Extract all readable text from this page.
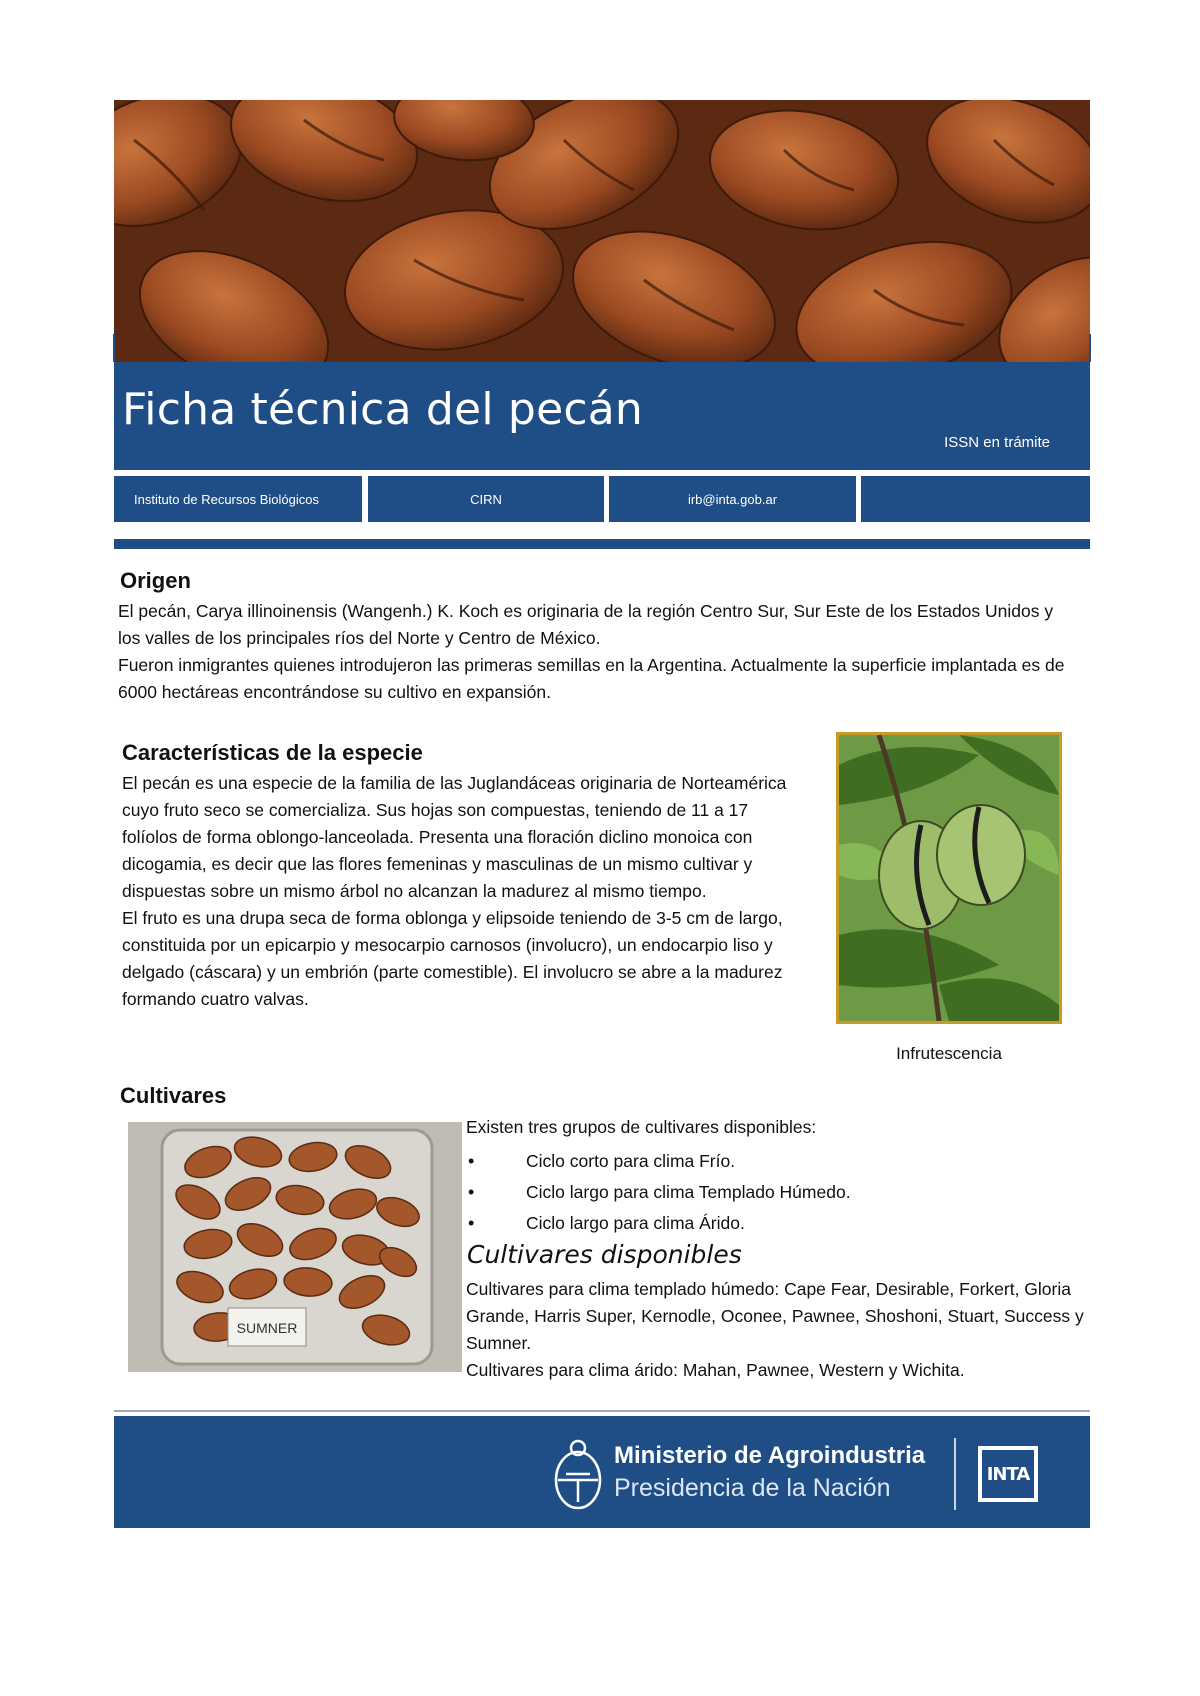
Ficha técnica del pecán
ISSN en trámite
Instituto de Recursos Biológicos	CIRN	irb@inta.gob.ar
Origen

El pecán, Carya illinoinensis (Wangenh.) K. Koch es originaria de la región Centro Sur, Sur Este de los Estados Unidos y los valles de los principales ríos del Norte y Centro de México.

Fueron inmigrantes quienes introdujeron las primeras semillas en la Argentina. Actualmente la superficie implantada es de 6000 hectáreas encontrándose su cultivo en expansión.

Características de la especie

El pecán es una especie de la familia de las Juglandáceas originaria de Norteamérica cuyo fruto seco se comercializa. Sus hojas son compuestas, teniendo de 11 a 17 folíolos de forma oblongo-lanceolada. Presenta una floración diclino monoica con dicogamia, es decir que las flores femeninas y masculinas de un mismo cultivar y dispuestas sobre un mismo árbol no alcanzan la madurez al mismo tiempo.

El fruto es una drupa seca de forma oblonga y elipsoide teniendo de 3-5 cm de largo, constituida por un epicarpio y mesocarpio carnosos (involucro), un endocarpio liso y delgado (cáscara) y un embrión (parte comestible). El involucro se abre a la madurez formando cuatro valvas.

Infrutescencia
Cultivares
SUMNER
Existen tres grupos de cultivares disponibles:
• Ciclo corto para clima Frío.
• Ciclo largo para clima Templado Húmedo.
• Ciclo largo para clima Árido.
Cultivares disponibles

Cultivares para clima templado húmedo: Cape Fear, Desirable, Forkert, Gloria Grande, Harris Super, Kernodle, Oconee, Pawnee, Shoshoni, Stuart, Success y Sumner.

Cultivares para clima árido: Mahan, Pawnee, Western y Wichita.

Ministerio de Agroindustria
Presidencia de la Nación	INTA
